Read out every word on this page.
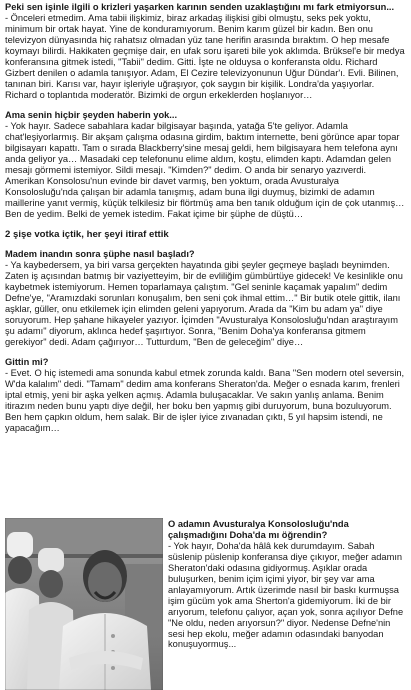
Peki sen işinle ilgili o krizleri yaşarken karının senden uzaklaştığını mı fark etmiyorsun...

- Önceleri etmedim. Ama tabii ilişkimiz, biraz arkadaş ilişkisi gibi olmuştu, seks pek yoktu, minimum bir ortak hayat. Yine de konduramıyorum. Benim karım güzel bir kadın. Ben onu televizyon dünyasında hiç rahatsız olmadan yüz tane herifin arasında bıraktım. O hep mesafe koymayı bilirdi. Hakikaten geçmişe dair, en ufak soru işareti bile yok aklımda. Brüksel'e bir medya konferansına gitmek istedi, "Tabii" dedim. Gitti. İşte ne olduysa o konferansta oldu. Richard Gizbert denilen o adamla tanışıyor. Adam, El Cezire televizyonunun Uğur Dündar'ı. Evli. Bilinen, tanınan biri. Karısı var, hayır işleriyle uğraşıyor, çok saygın bir kişilik. Londra'da yaşıyorlar. Richard o toplantıda moderatör. Bizimki de orgun erkeklerden hoşlanıyor…

Ama senin hiçbir şeyden haberin yok...

- Yok hayır. Sadece sabahlara kadar bilgisayar başında, yatağa 5'te geliyor. Adamla chat'leşiyorlarmış. Bir akşam çalışma odasına girdim, baktım internette, beni görünce apar topar bilgisayarı kapattı. Tam o sırada Blackberry'sine mesaj geldi, hem bilgisayara hem telefona aynı anda geliyor ya… Masadaki cep telefonunu elime aldım, koştu, elimden kaptı. Adamdan gelen mesajı görmemi istemiyor. Sildi mesajı. "Kimden?" dedim. O anda bir senaryo yazıverdi. Amerikan Konsolosu'nun evinde bir davet varmış, ben yoktum, orada Avusturalya Konsolosluğu'nda çalışan bir adamla tanışmış, adam buna ilgi duymuş, bizimki de adamın maillerine yanıt vermiş, küçük telkilesiz bir flörtmüş ama ben tanık olduğum için de çok utanmış… Ben de yedim. Belki de yemek istedim. Fakat içime bir şüphe de düştü…

2 şişe votka içtik, her şeyi itiraf ettik

Madem inandın sonra şüphe nasıl başladı?

- Ya kaybedersem, ya biri varsa gerçekten hayatında gibi şeyler geçmeye başladı beynimden. Zaten iş açısından batmış bir vaziyetteyim, bir de evliliğim gümbürtüye gidecek! Ve kesinlikle onu kaybetmek istemiyorum. Hemen toparlamaya çalıştım. "Gel seninle kaçamak yapalım" dedim Defne'ye, "Aramızdaki sorunları konuşalım, ben seni çok ihmal ettim…" Bir butik otele gittik, ilanı aşklar, güller, onu etkilemek için elimden geleni yapıyorum. Arada da "Kim bu adam ya" diye soruyorum. Hep şahane hikayeler yazıyor. İçimden "Avusturalya Konsolosluğu'ndan araştırayım şu adamı" diyorum, aklınca hedef şaşırtıyor. Sonra, "Benim Doha'ya konferansa gitmem gerekiyor" dedi. Adam çağırıyor… Tutturdum, "Ben de geleceğim" diye…

Gittin mi?

- Evet. O hiç istemedi ama sonunda kabul etmek zorunda kaldı. Bana "Sen modern otel seversin, W'da kalalım" dedi. "Tamam" dedim ama konferans Sheraton'da. Meğer o esnada karım, frenleri iptal etmiş, yeni bir aşka yelken açmış. Adamla buluşacaklar. Ve sakın yanlış anlama. Benim itirazım neden bunu yaptı diye değil, her boku ben yapmış gibi duruyorum, buna bozuluyorum. Ben hem çapkın oldum, hem salak. Bir de işler iyice zıvanadan çıktı, 5 yıl hapsim istendi, ne yapacağım…

O adamın Avusturalya Konsolosluğu'nda çalışmadığını Doha'da mı öğrendin?

- Yok hayır, Doha'da hâlâ kek durumdayım. Sabah süslenip püslenip konferansa diye çıkıyor, meğer adamın Sheraton'daki odasına gidiyormuş. Aşıklar orada buluşurken, benim içim içimi yiyor, bir şey var ama anlayamıyorum. Artık üzerimde nasıl bir baskı kurmuşsa işim gücüm yok ama Sherton'a gidemiyorum. İki de bir arıyorum, telefonu çalıyor, açan yok, sonra açılıyor Defne "Ne oldu, neden arıyorsun?" diyor. Nedense Defne'nin sesi hep ekolu, meğer adamın odasındaki banyodan konuşuyormuş...
